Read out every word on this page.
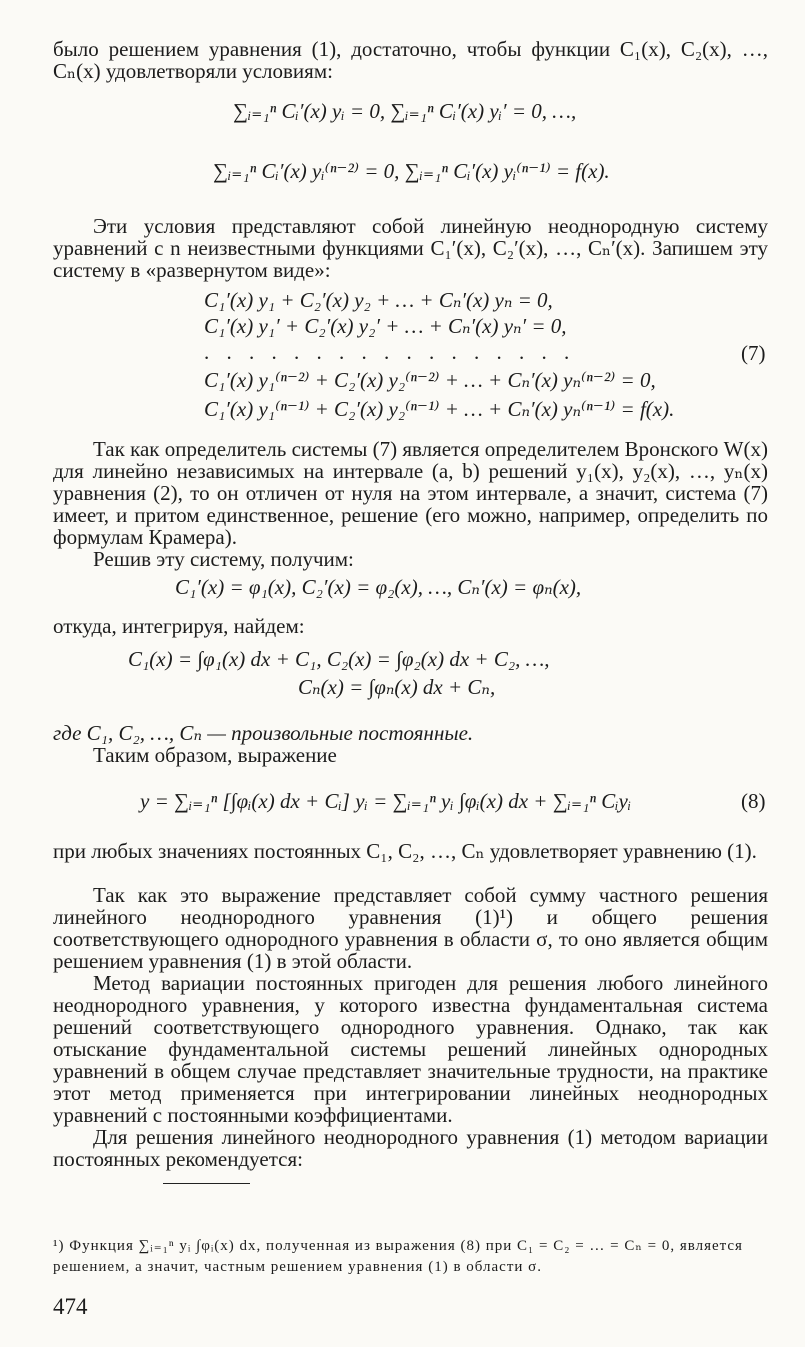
было решением уравнения (1), достаточно, чтобы функции C₁(x), C₂(x), …, Cₙ(x) удовлетворяли условиям:
∑ᵢ₌₁ⁿ Cᵢ′(x) yᵢ = 0, ∑ᵢ₌₁ⁿ Cᵢ′(x) yᵢ′ = 0, …,
∑ᵢ₌₁ⁿ Cᵢ′(x) yᵢ⁽ⁿ⁻²⁾ = 0, ∑ᵢ₌₁ⁿ Cᵢ′(x) yᵢ⁽ⁿ⁻¹⁾ = f(x).
Эти условия представляют собой линейную неоднородную систему уравнений с n неизвестными функциями C₁′(x), C₂′(x), …, Cₙ′(x). Запишем эту систему в «развернутом виде»:
C₁′(x) y₁ + C₂′(x) y₂ + … + Cₙ′(x) yₙ = 0,
C₁′(x) y₁′ + C₂′(x) y₂′ + … + Cₙ′(x) yₙ′ = 0,
. . . . . . . . . . . . . . . . .	(7)
C₁′(x) y₁⁽ⁿ⁻²⁾ + C₂′(x) y₂⁽ⁿ⁻²⁾ + … + Cₙ′(x) yₙ⁽ⁿ⁻²⁾ = 0,
C₁′(x) y₁⁽ⁿ⁻¹⁾ + C₂′(x) y₂⁽ⁿ⁻¹⁾ + … + Cₙ′(x) yₙ⁽ⁿ⁻¹⁾ = f(x).
Так как определитель системы (7) является определителем Вронского W(x) для линейно независимых на интервале (a, b) решений y₁(x), y₂(x), …, yₙ(x) уравнения (2), то он отличен от нуля на этом интервале, а значит, система (7) имеет, и притом единственное, решение (его можно, например, определить по формулам Крамера).
Решив эту систему, получим:
C₁′(x) = φ₁(x), C₂′(x) = φ₂(x), …, Cₙ′(x) = φₙ(x),
откуда, интегрируя, найдем:
C₁(x) = ∫φ₁(x) dx + C₁, C₂(x) = ∫φ₂(x) dx + C₂, …,
Cₙ(x) = ∫φₙ(x) dx + Cₙ,
где C₁, C₂, …, Cₙ — произвольные постоянные.
Таким образом, выражение
y = ∑ᵢ₌₁ⁿ [∫φᵢ(x) dx + Cᵢ] yᵢ = ∑ᵢ₌₁ⁿ yᵢ ∫φᵢ(x) dx + ∑ᵢ₌₁ⁿ Cᵢyᵢ	(8)
при любых значениях постоянных C₁, C₂, …, Cₙ удовлетворяет уравнению (1).
Так как это выражение представляет собой сумму частного решения линейного неоднородного уравнения (1)¹) и общего решения соответствующего однородного уравнения в области σ, то оно является общим решением уравнения (1) в этой области.
Метод вариации постоянных пригоден для решения любого линейного неоднородного уравнения, у которого известна фундаментальная система решений соответствующего однородного уравнения. Однако, так как отыскание фундаментальной системы решений линейных однородных уравнений в общем случае представляет значительные трудности, на практике этот метод применяется при интегрировании линейных неоднородных уравнений с постоянными коэффициентами.
Для решения линейного неоднородного уравнения (1) методом вариации постоянных рекомендуется:
¹) Функция ∑ᵢ₌₁ⁿ yᵢ ∫φᵢ(x) dx, полученная из выражения (8) при C₁ = C₂ = … = Cₙ = 0, является решением, а значит, частным решением уравнения (1) в области σ.
474
